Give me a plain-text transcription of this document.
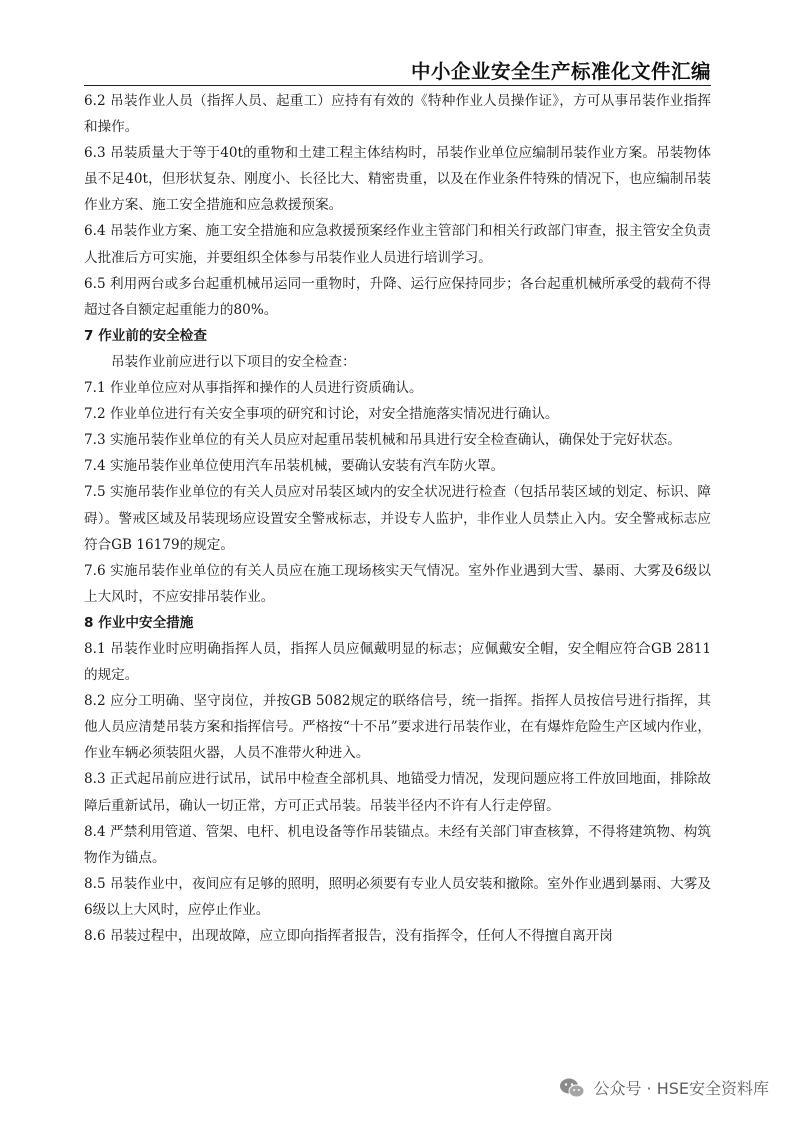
中小企业安全生产标准化文件汇编

6.2 吊装作业人员（指挥人员、起重工）应持有有效的《特种作业人员操作证》，方可从事吊装作业指挥和操作。

6.3 吊装质量大于等于40t的重物和土建工程主体结构时，吊装作业单位应编制吊装作业方案。吊装物体虽不足40t，但形状复杂、刚度小、长径比大、精密贵重，以及在作业条件特殊的情况下，也应编制吊装作业方案、施工安全措施和应急救援预案。

6.4 吊装作业方案、施工安全措施和应急救援预案经作业主管部门和相关行政部门审查，报主管安全负责人批准后方可实施，并要组织全体参与吊装作业人员进行培训学习。

6.5 利用两台或多台起重机械吊运同一重物时，升降、运行应保持同步；各台起重机械所承受的载荷不得超过各自额定起重能力的80%。

7 作业前的安全检查

吊装作业前应进行以下项目的安全检查：

7.1 作业单位应对从事指挥和操作的人员进行资质确认。

7.2 作业单位进行有关安全事项的研究和讨论，对安全措施落实情况进行确认。

7.3 实施吊装作业单位的有关人员应对起重吊装机械和吊具进行安全检查确认，确保处于完好状态。

7.4 实施吊装作业单位使用汽车吊装机械，要确认安装有汽车防火罩。

7.5 实施吊装作业单位的有关人员应对吊装区域内的安全状况进行检查（包括吊装区域的划定、标识、障碍）。警戒区域及吊装现场应设置安全警戒标志，并设专人监护，非作业人员禁止入内。安全警戒标志应符合GB 16179的规定。

7.6 实施吊装作业单位的有关人员应在施工现场核实天气情况。室外作业遇到大雪、暴雨、大雾及6级以上大风时，不应安排吊装作业。

8 作业中安全措施

8.1 吊装作业时应明确指挥人员，指挥人员应佩戴明显的标志；应佩戴安全帽，安全帽应符合GB 2811的规定。

8.2 应分工明确、坚守岗位，并按GB 5082规定的联络信号，统一指挥。指挥人员按信号进行指挥，其他人员应清楚吊装方案和指挥信号。严格按“十不吊”要求进行吊装作业，在有爆炸危险生产区域内作业，作业车辆必须装阻火器，人员不准带火种进入。

8.3 正式起吊前应进行试吊，试吊中检查全部机具、地锚受力情况，发现问题应将工件放回地面，排除故障后重新试吊，确认一切正常，方可正式吊装。吊装半径内不许有人行走停留。

8.4 严禁利用管道、管架、电杆、机电设备等作吊装锚点。未经有关部门审查核算，不得将建筑物、构筑物作为锚点。

8.5 吊装作业中，夜间应有足够的照明，照明必须要有专业人员安装和撤除。室外作业遇到暴雨、大雾及6级以上大风时，应停止作业。

8.6 吊装过程中，出现故障，应立即向指挥者报告，没有指挥令，任何人不得擅自离开岗

公众号 · HSE安全资料库
